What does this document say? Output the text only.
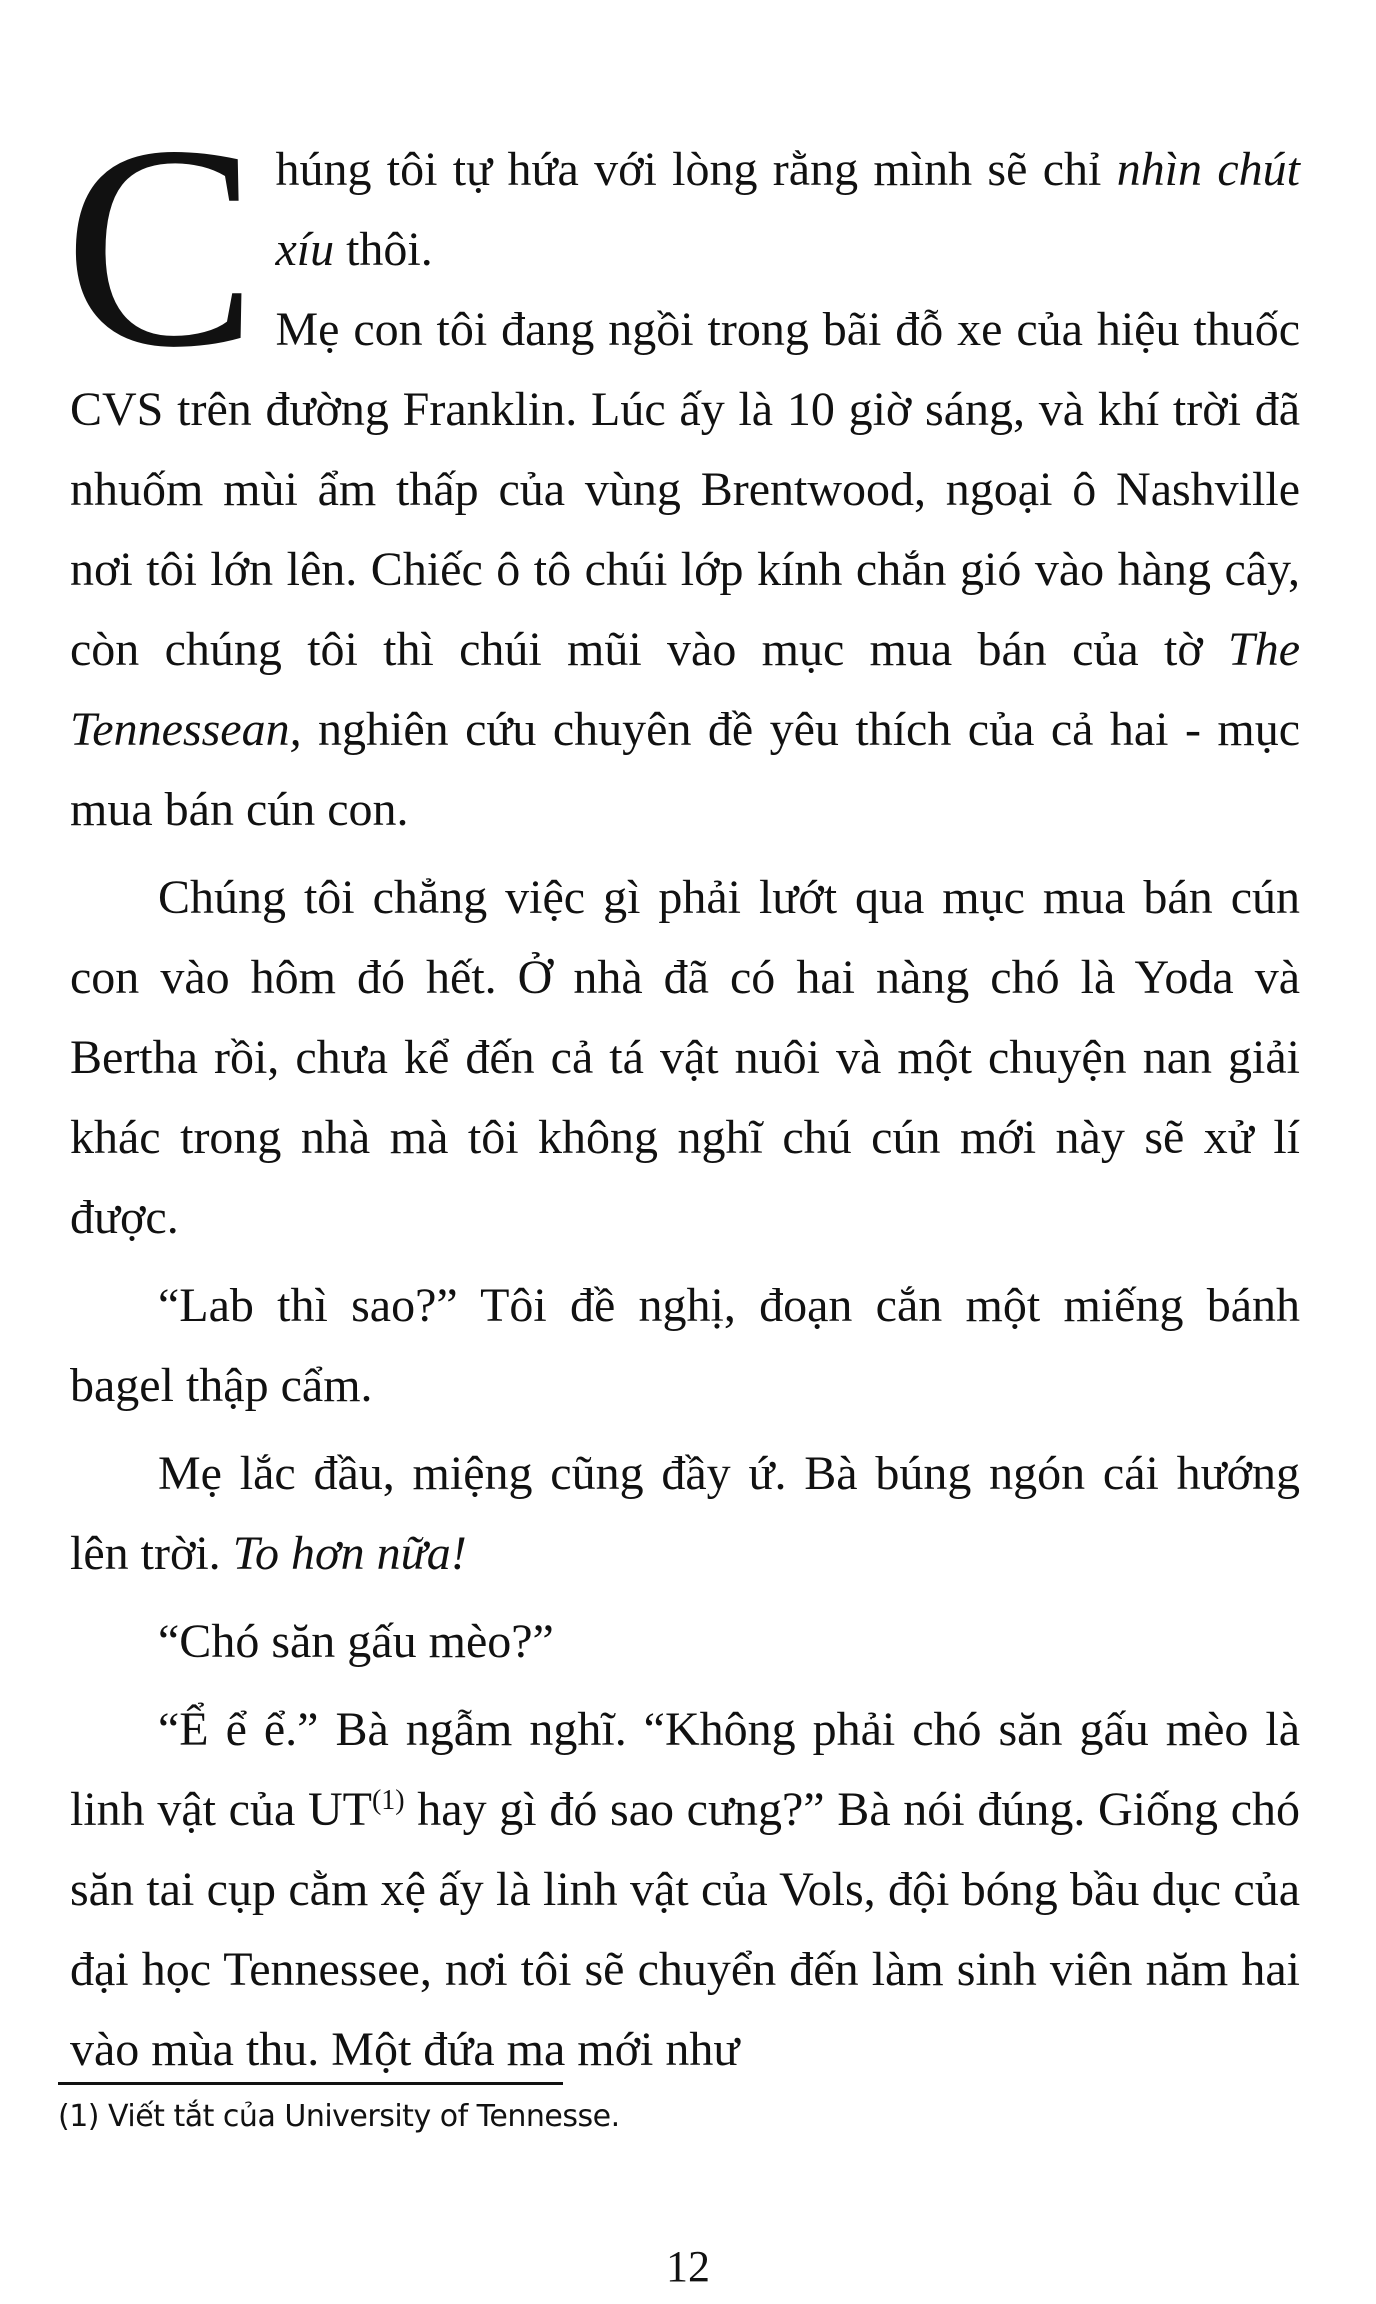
Chúng tôi tự hứa với lòng rằng mình sẽ chỉ nhìn chút xíu thôi.
Mẹ con tôi đang ngồi trong bãi đỗ xe của hiệu thuốc CVS trên đường Franklin. Lúc ấy là 10 giờ sáng, và khí trời đã nhuốm mùi ẩm thấp của vùng Brentwood, ngoại ô Nashville nơi tôi lớn lên. Chiếc ô tô chúi lớp kính chắn gió vào hàng cây, còn chúng tôi thì chúi mũi vào mục mua bán của tờ The Tennessean, nghiên cứu chuyên đề yêu thích của cả hai - mục mua bán cún con.
Chúng tôi chẳng việc gì phải lướt qua mục mua bán cún con vào hôm đó hết. Ở nhà đã có hai nàng chó là Yoda và Bertha rồi, chưa kể đến cả tá vật nuôi và một chuyện nan giải khác trong nhà mà tôi không nghĩ chú cún mới này sẽ xử lí được.
“Lab thì sao?” Tôi đề nghị, đoạn cắn một miếng bánh bagel thập cẩm.
Mẹ lắc đầu, miệng cũng đầy ứ. Bà búng ngón cái hướng lên trời. To hơn nữa!
“Chó săn gấu mèo?”
“Ể ể ể.” Bà ngẫm nghĩ. “Không phải chó săn gấu mèo là linh vật của UT$^{(1)}$ hay gì đó sao cưng?” Bà nói đúng. Giống chó săn tai cụp cằm xệ ấy là linh vật của Vols, đội bóng bầu dục của đại học Tennessee, nơi tôi sẽ chuyển đến làm sinh viên năm hai vào mùa thu. Một đứa ma mới như
(1) Viết tắt của University of Tennesse.
12
